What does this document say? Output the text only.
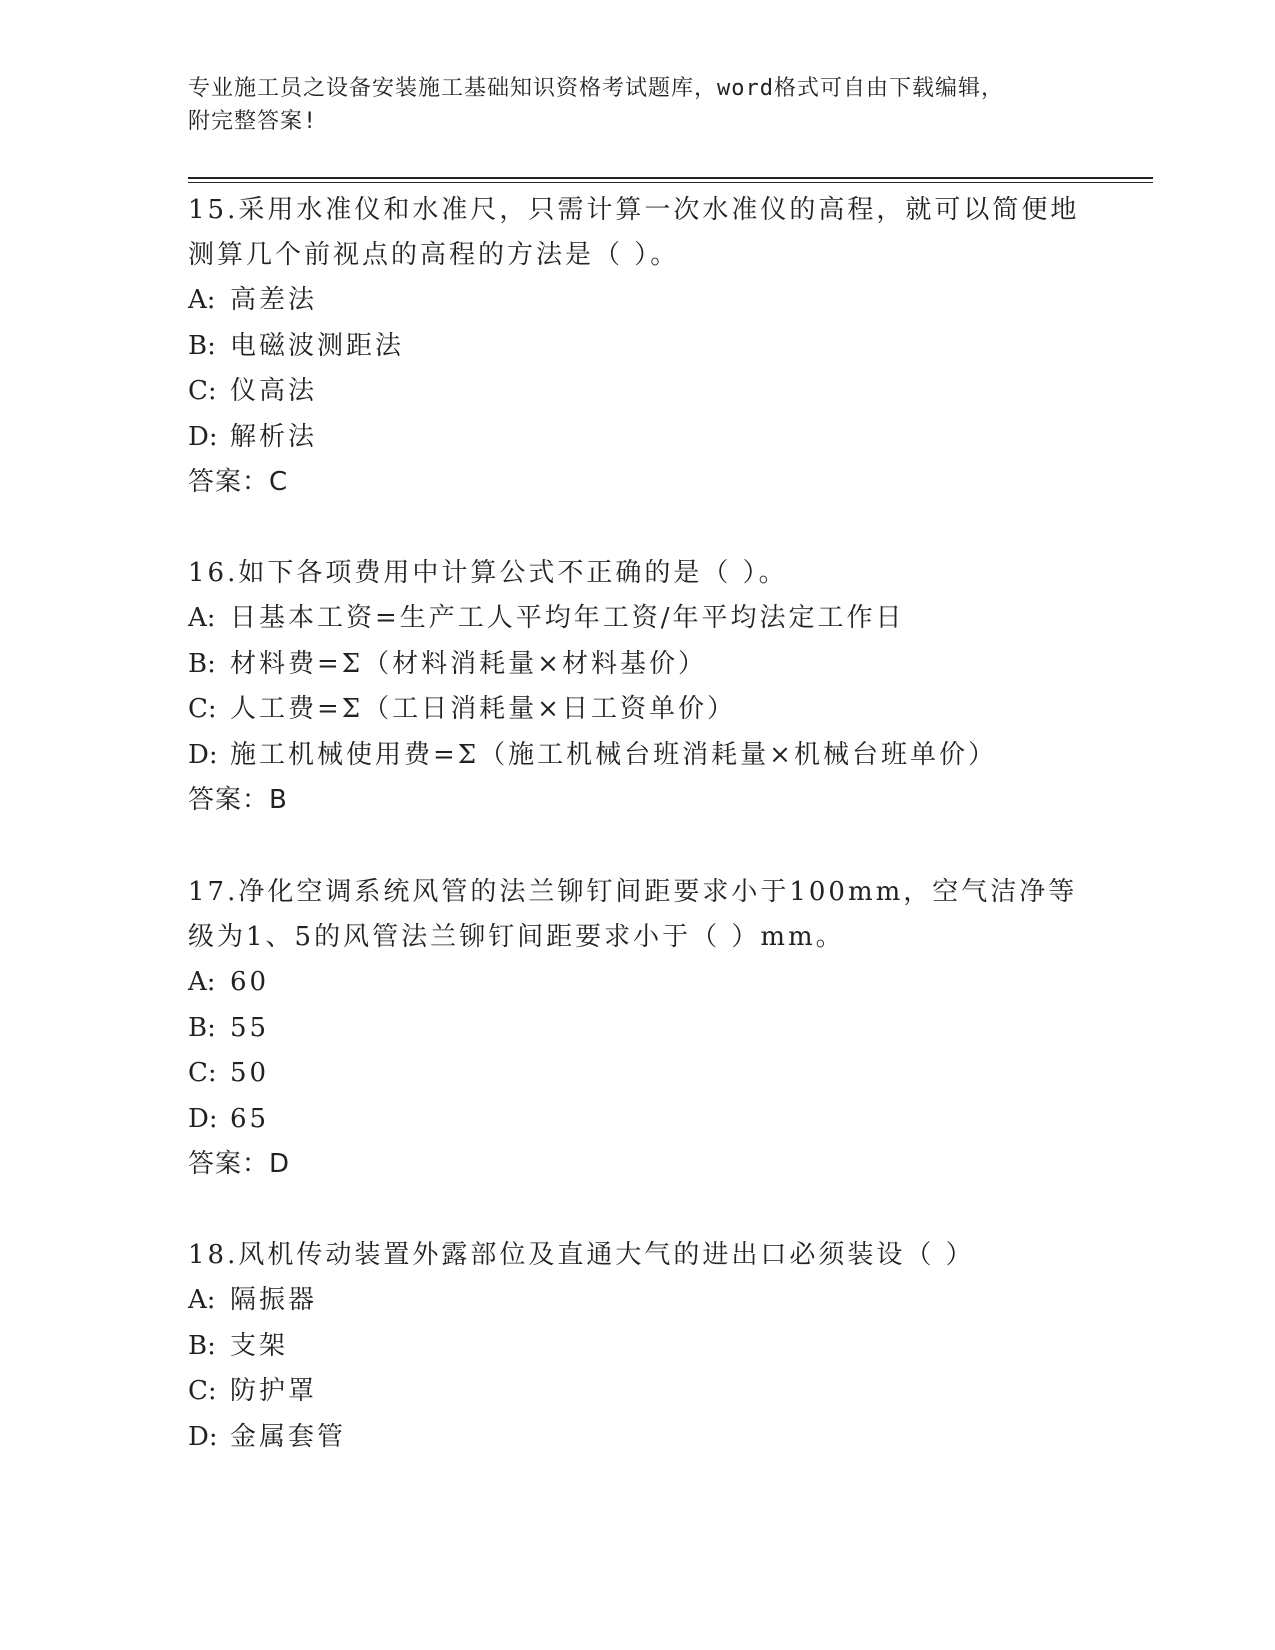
专业施工员之设备安装施工基础知识资格考试题库，word格式可自由下载编辑，
附完整答案!

15.采用水准仪和水准尺，只需计算一次水准仪的高程，就可以简便地测算几个前视点的高程的方法是（ ）。

A: 高差法

B: 电磁波测距法

C: 仪高法

D: 解析法

答案：C

16.如下各项费用中计算公式不正确的是（ ）。

A: 日基本工资=生产工人平均年工资/年平均法定工作日

B: 材料费=Σ（材料消耗量×材料基价）

C: 人工费=Σ（工日消耗量×日工资单价）

D: 施工机械使用费=Σ（施工机械台班消耗量×机械台班单价）

答案：B

17.净化空调系统风管的法兰铆钉间距要求小于100mm，空气洁净等级为1、5的风管法兰铆钉间距要求小于（ ）mm。

A: 60

B: 55

C: 50

D: 65

答案：D

18.风机传动装置外露部位及直通大气的进出口必须装设（ ）

A: 隔振器

B: 支架

C: 防护罩

D: 金属套管
